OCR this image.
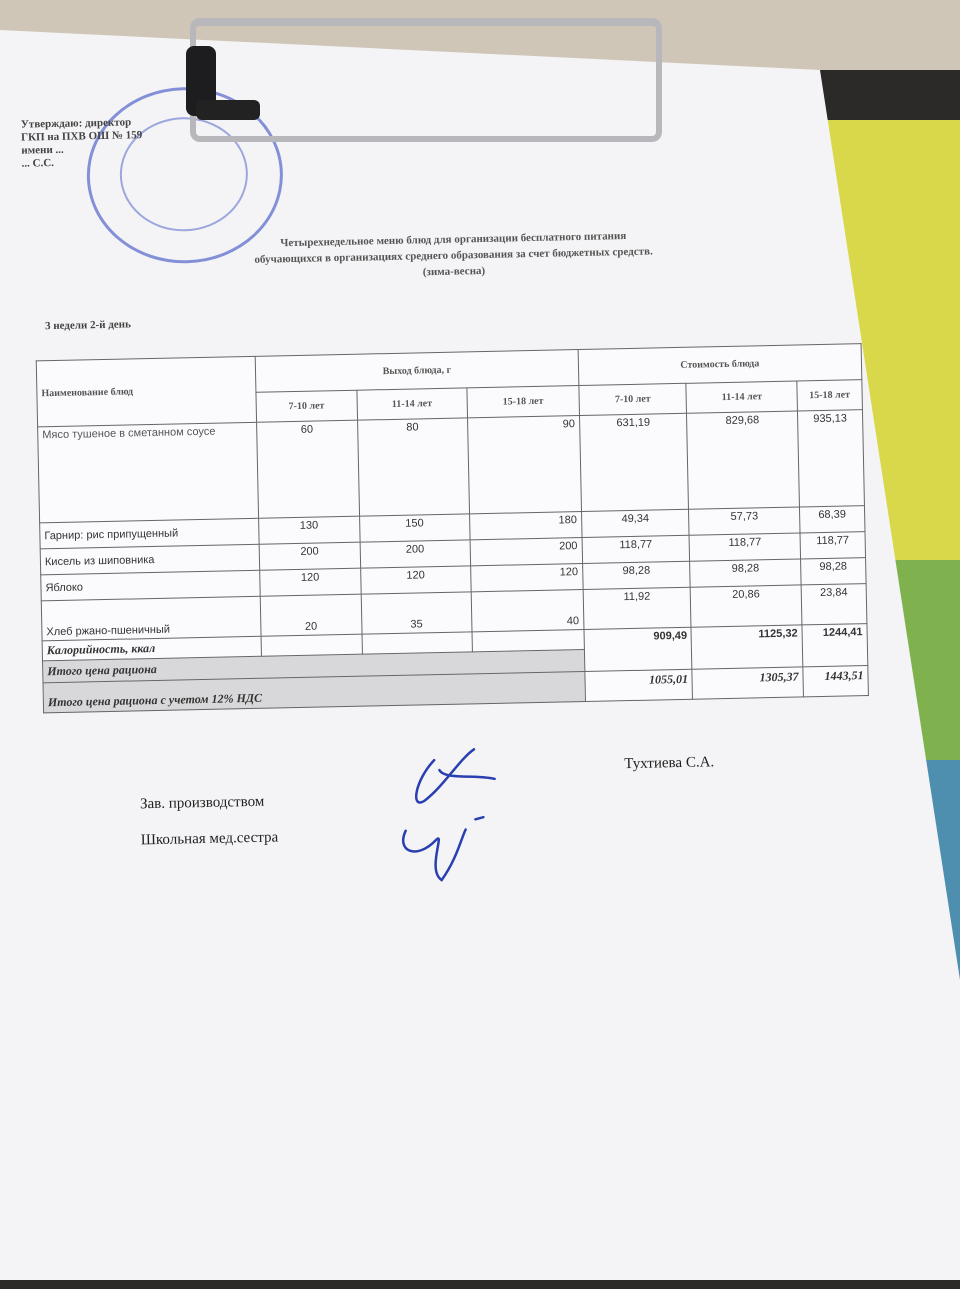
Утверждаю: директор
ГКП на ПХВ ОШ № 159
имени ...
... С.С.
Четырехнедельное меню блюд для организации бесплатного питания
обучающихся в организациях среднего образования за счет бюджетных средств.
(зима-весна)
3 недели 2-й день
Наименование блюд	Выход блюда, г			Стоимость блюда		
	7-10 лет	11-14 лет	15-18 лет	7-10 лет	11-14 лет	15-18 лет
Мясо тушеное в сметанном соусе	60	80	90	631,19	829,68	935,13
Гарнир: рис припущенный	130	150	180	49,34	57,73	68,39
Кисель из шиповника	200	200	200	118,77	118,77	118,77
Яблоко	120	120	120	98,28	98,28	98,28
Хлеб ржано-пшеничный	20	35	40	11,92	20,86	23,84
Калорийность, ккал				909,49	1125,32	1244,41
Итого цена рациона						
Итого цена рациона с учетом 12% НДС				1055,01	1305,37	1443,51
Тухтиева С.А.
Зав. производством
Школьная мед.сестра
